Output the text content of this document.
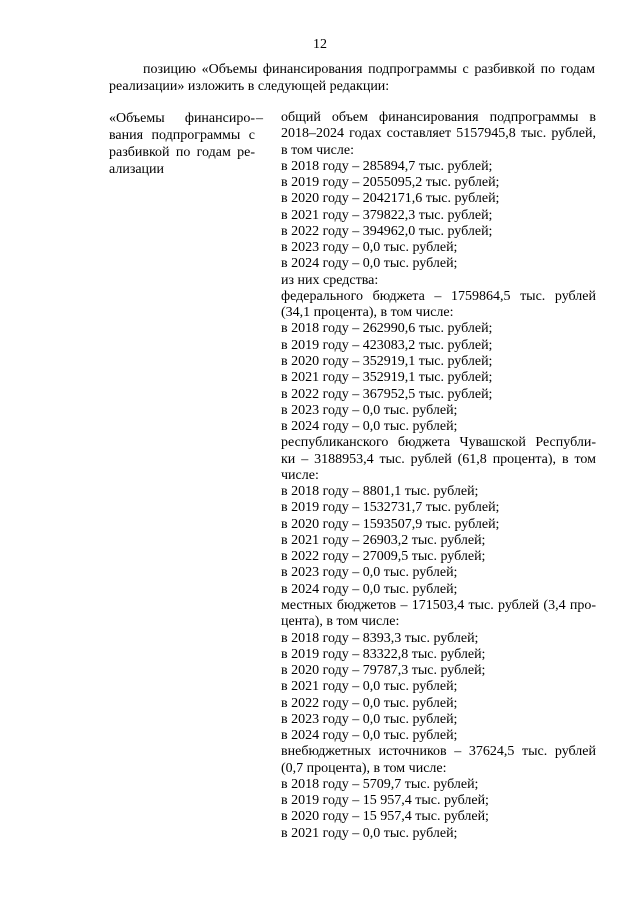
12
позицию «Объемы финансирования подпрограммы с разбивкой по годам
реализации» изложить в следующей редакции:
«Объемы финансиро-
вания подпрограммы с
разбивкой по годам ре-
ализации
– общий объем финансирования подпрограммы в
2018–2024 годах составляет 5157945,8 тыс. рублей,
в том числе:
в 2018 году – 285894,7 тыс. рублей;
в 2019 году – 2055095,2 тыс. рублей;
в 2020 году – 2042171,6 тыс. рублей;
в 2021 году – 379822,3 тыс. рублей;
в 2022 году – 394962,0 тыс. рублей;
в 2023 году – 0,0 тыс. рублей;
в 2024 году – 0,0 тыс. рублей;
из них средства:
федерального бюджета – 1759864,5 тыс. рублей
(34,1 процента), в том числе:
в 2018 году – 262990,6 тыс. рублей;
в 2019 году – 423083,2 тыс. рублей;
в 2020 году – 352919,1 тыс. рублей;
в 2021 году – 352919,1 тыс. рублей;
в 2022 году – 367952,5 тыс. рублей;
в 2023 году – 0,0 тыс. рублей;
в 2024 году – 0,0 тыс. рублей;
республиканского бюджета Чувашской Республи-
ки – 3188953,4 тыс. рублей (61,8 процента), в том
числе:
в 2018 году – 8801,1 тыс. рублей;
в 2019 году – 1532731,7 тыс. рублей;
в 2020 году – 1593507,9 тыс. рублей;
в 2021 году – 26903,2 тыс. рублей;
в 2022 году – 27009,5 тыс. рублей;
в 2023 году – 0,0 тыс. рублей;
в 2024 году – 0,0 тыс. рублей;
местных бюджетов – 171503,4 тыс. рублей (3,4 про-
цента), в том числе:
в 2018 году – 8393,3 тыс. рублей;
в 2019 году – 83322,8 тыс. рублей;
в 2020 году – 79787,3 тыс. рублей;
в 2021 году – 0,0 тыс. рублей;
в 2022 году – 0,0 тыс. рублей;
в 2023 году – 0,0 тыс. рублей;
в 2024 году – 0,0 тыс. рублей;
внебюджетных источников – 37624,5 тыс. рублей
(0,7 процента), в том числе:
в 2018 году – 5709,7 тыс. рублей;
в 2019 году – 15 957,4 тыс. рублей;
в 2020 году – 15 957,4 тыс. рублей;
в 2021 году – 0,0 тыс. рублей;
